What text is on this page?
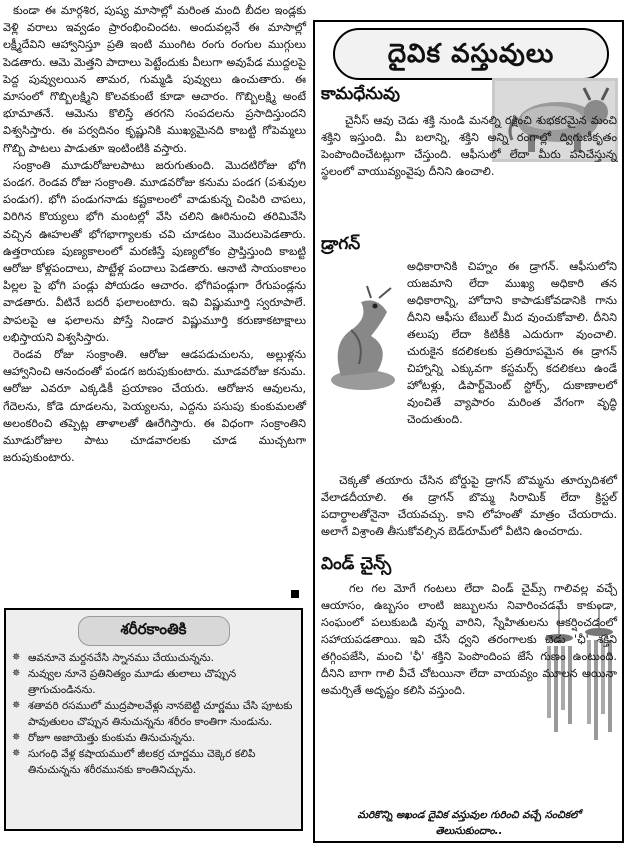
కుండా ఈ మార్గశిర, పుష్య మాసాల్లో మరింత మంది బీదల ఇండ్లకు వెళ్లి వరాలు ఇవ్వడం ప్రారంభించిందట. అందువల్లనే ఈ మాసాల్లో లక్ష్మీదేవిని ఆహ్వానిస్తూ ప్రతి ఇంటి ముంగిట రంగు రంగుల ముగ్గులు పెడతారు. ఆమె మెత్తని పాదాలు పెట్టేందుకు వీలుగా అవుపేడ ముద్దలపై పెద్ద పువ్వులయిన తామర, గుమ్మడి పువ్వులు ఉంచుతారు. ఈ మాసంలో గొబ్బిలక్ష్మిని కొలవకుంటే కూడా ఆచారం. గొబ్బిలక్ష్మి అంటే భూమాతనే. ఆమెను కొలిస్తే తరగని సంపదలను ప్రసాదిస్తుందని విశ్వసిస్తారు. ఈ పర్వదినం కృష్ణునికి ముఖ్యమైనది కాబట్టి గోపెమ్మలు గొబ్బి పాటలు పాడుతూ ఇంటింటికి వస్తారు.

సంక్రాంతి మూడురోజులపాటు జరుగుతుంది. మొదటిరోజు భోగి పండగ. రెండవ రోజు సంక్రాంతి. మూడవరోజు కనుమ పండగ (పశువుల పండుగ). భోగి పండుగనాడు కష్టకాలంలో వాడుకున్న చింపిరి చాపలు, విరిగిన కొయ్యలు భోగి మంటల్లో వేసి చలిని ఊరినుంచి తరిమివేసి వచ్చిన ఊహలతో భోగభాగ్యాలకు చవి చూడటం మొదలుపెడతారు. ఉత్తరాయణ పుణ్యకాలంలో మరణిస్తే పుణ్యలోకం ప్రాప్తిస్తుంది కాబట్టి ఆరోజు కోళ్లపందాలు, పొట్టేళ్ల పందాలు పెడతారు. ఆనాటి సాయంకాలం పిల్లల పై భోగి పండ్లు పోయడం ఆచారం. భోగిపండ్లుగా రేగుపండ్లను వాడతారు. వీటినే బదరీ ఫలాలంటారు. ఇవి విష్ణుమూర్తి స్వరూపాలే. పాపలపై ఆ ఫలాలను పోస్తే నిండార విష్ణుమూర్తి కరుణాకటాక్షాలు లభిస్తాయని విశ్వసిస్తారు.

రెండవ రోజు సంక్రాంతి. ఆరోజు ఆడపడుచులను, అల్లుళ్లను ఆహ్వానించి ఆనందంతో పండగ జరుపుకుంటారు. మూడవరోజు కనుమ. ఆరోజు ఎవరూ ఎక్కడికీ ప్రయాణం చేయరు. ఆరోజున ఆవులను, గేదెలను, కోడె దూడలను, పెయ్యలను, ఎద్దను పసుపు కుంకుమలతో అలంకరించి తప్పెట్ల తాళాలతో ఊరేగిస్తారు. ఈ విధంగా సంక్రాంతిని మూడురోజుల పాటు చూడవారలకు చూడ ముచ్చటగా జరుపుకుంటారు.

శరీరకాంతికి
✵ ఆవనూనె మర్దనచేసి స్నానము చేయుచున్నను.
✵ నువ్వుల నూనె ప్రతినిత్యం మూడు తులాలు చొప్పున త్రాగుచుండినను.
✵ శతావరి రసములో ముద్రపాలవేళ్లు నానబెట్టి చూర్ణము చేసి పూటకు పావుతులం చొప్పున తినుచున్నను శరీరం కాంతిగా నుండును.
✵ రోజూ అజాయెత్తు కుంకుమ తినుచున్నను.
✵ సుగంధి వేళ్ల కషాయములో జీలకర్ర చూర్ణము చెక్కెర కలిపి తినుచున్నను శరీరమునకు కాంతినిచ్చును.
దైవిక వస్తువులు
కామధేనువు

చైనీస్ ఆవు చెడు శక్తి నుండి మనల్ని రక్షించి శుభకరమైన మంచి శక్తిని ఇస్తుంది. మీ బలాన్ని, శక్తిని అన్ని రంగాల్లో ద్విగుణీకృతం పెంపొందించేటట్లుగా చేస్తుంది. ఆఫీసులో లేదా మీరు పనిచేస్తున్న స్థలంలో వాయువ్యంవైపు దీనిని ఉంచాలి.

డ్రాగన్

అధికారానికి చిహ్నం ఈ డ్రాగన్. ఆఫీసులోని యజమాని లేదా ముఖ్య అధికారి తన అధికారాన్ని, హోదాని కాపాడుకోవడానికి గాను దీనిని ఆఫీసు టేబుల్ మీద వుంచుకోవాలి. దీనిని తలుపు లేదా కిటికీకి ఎదురుగా వుంచాలి. చురుకైన కదలికలకు ప్రతిరూపమైన ఈ డ్రాగన్ చిహ్నాన్ని ఎక్కువగా కస్టమర్స్ కదలికలు ఉండే హోటళ్లు, డిపార్ట్‌మెంట్ స్టోర్స్, దుకాణాలలో వుంచితే వ్యాపారం మరింత వేగంగా వృద్ధి చెందుతుంది.

చెక్కతో తయారు చేసిన బోర్డుపై డ్రాగన్ బొమ్మను తూర్పుదిశలో వేలాడదీయాలి. ఈ డ్రాగన్ బొమ్మ సిరామిక్ లేదా క్రిస్టల్ పదార్థాలతోనైనా చేయవచ్చు. కాని లోహంతో మాత్రం చేయరాదు. అలాగే విశ్రాంతి తీసుకోవల్సిన బెడ్‌రూమ్‌లో వీటిని ఉంచరాదు.

విండ్ చైన్స్

గల గల మోగే గంటలు లేదా విండ్ చైమ్స్ గాలివల్ల వచ్చే ఆయాసం, ఉబ్బసం లాంటి జబ్బులను నివారించడమే కాకుండా, సంఘంలో పలుకుబడి వున్న వారిని, స్నేహితులను ఆకర్షించడంలో సహాయపడతాయి. ఇవి చేసే ధ్వని తరంగాలకు చెడు 'ఛీ' శక్తిని తగ్గింపజేసి, మంచి 'ఛీ' శక్తిని పెంపొందింప జేసే గుణం ఉంటుంది. దీనిని బాగా గాలి వీచే చోటయినా లేదా వాయవ్యం మూలన అయినా అమర్చితే అదృష్టం కలిసి వస్తుంది.

మరికొన్ని అఖండ దైవిక వస్తువుల గురించి వచ్చే సంచికలో తెలుసుకుందాం..
